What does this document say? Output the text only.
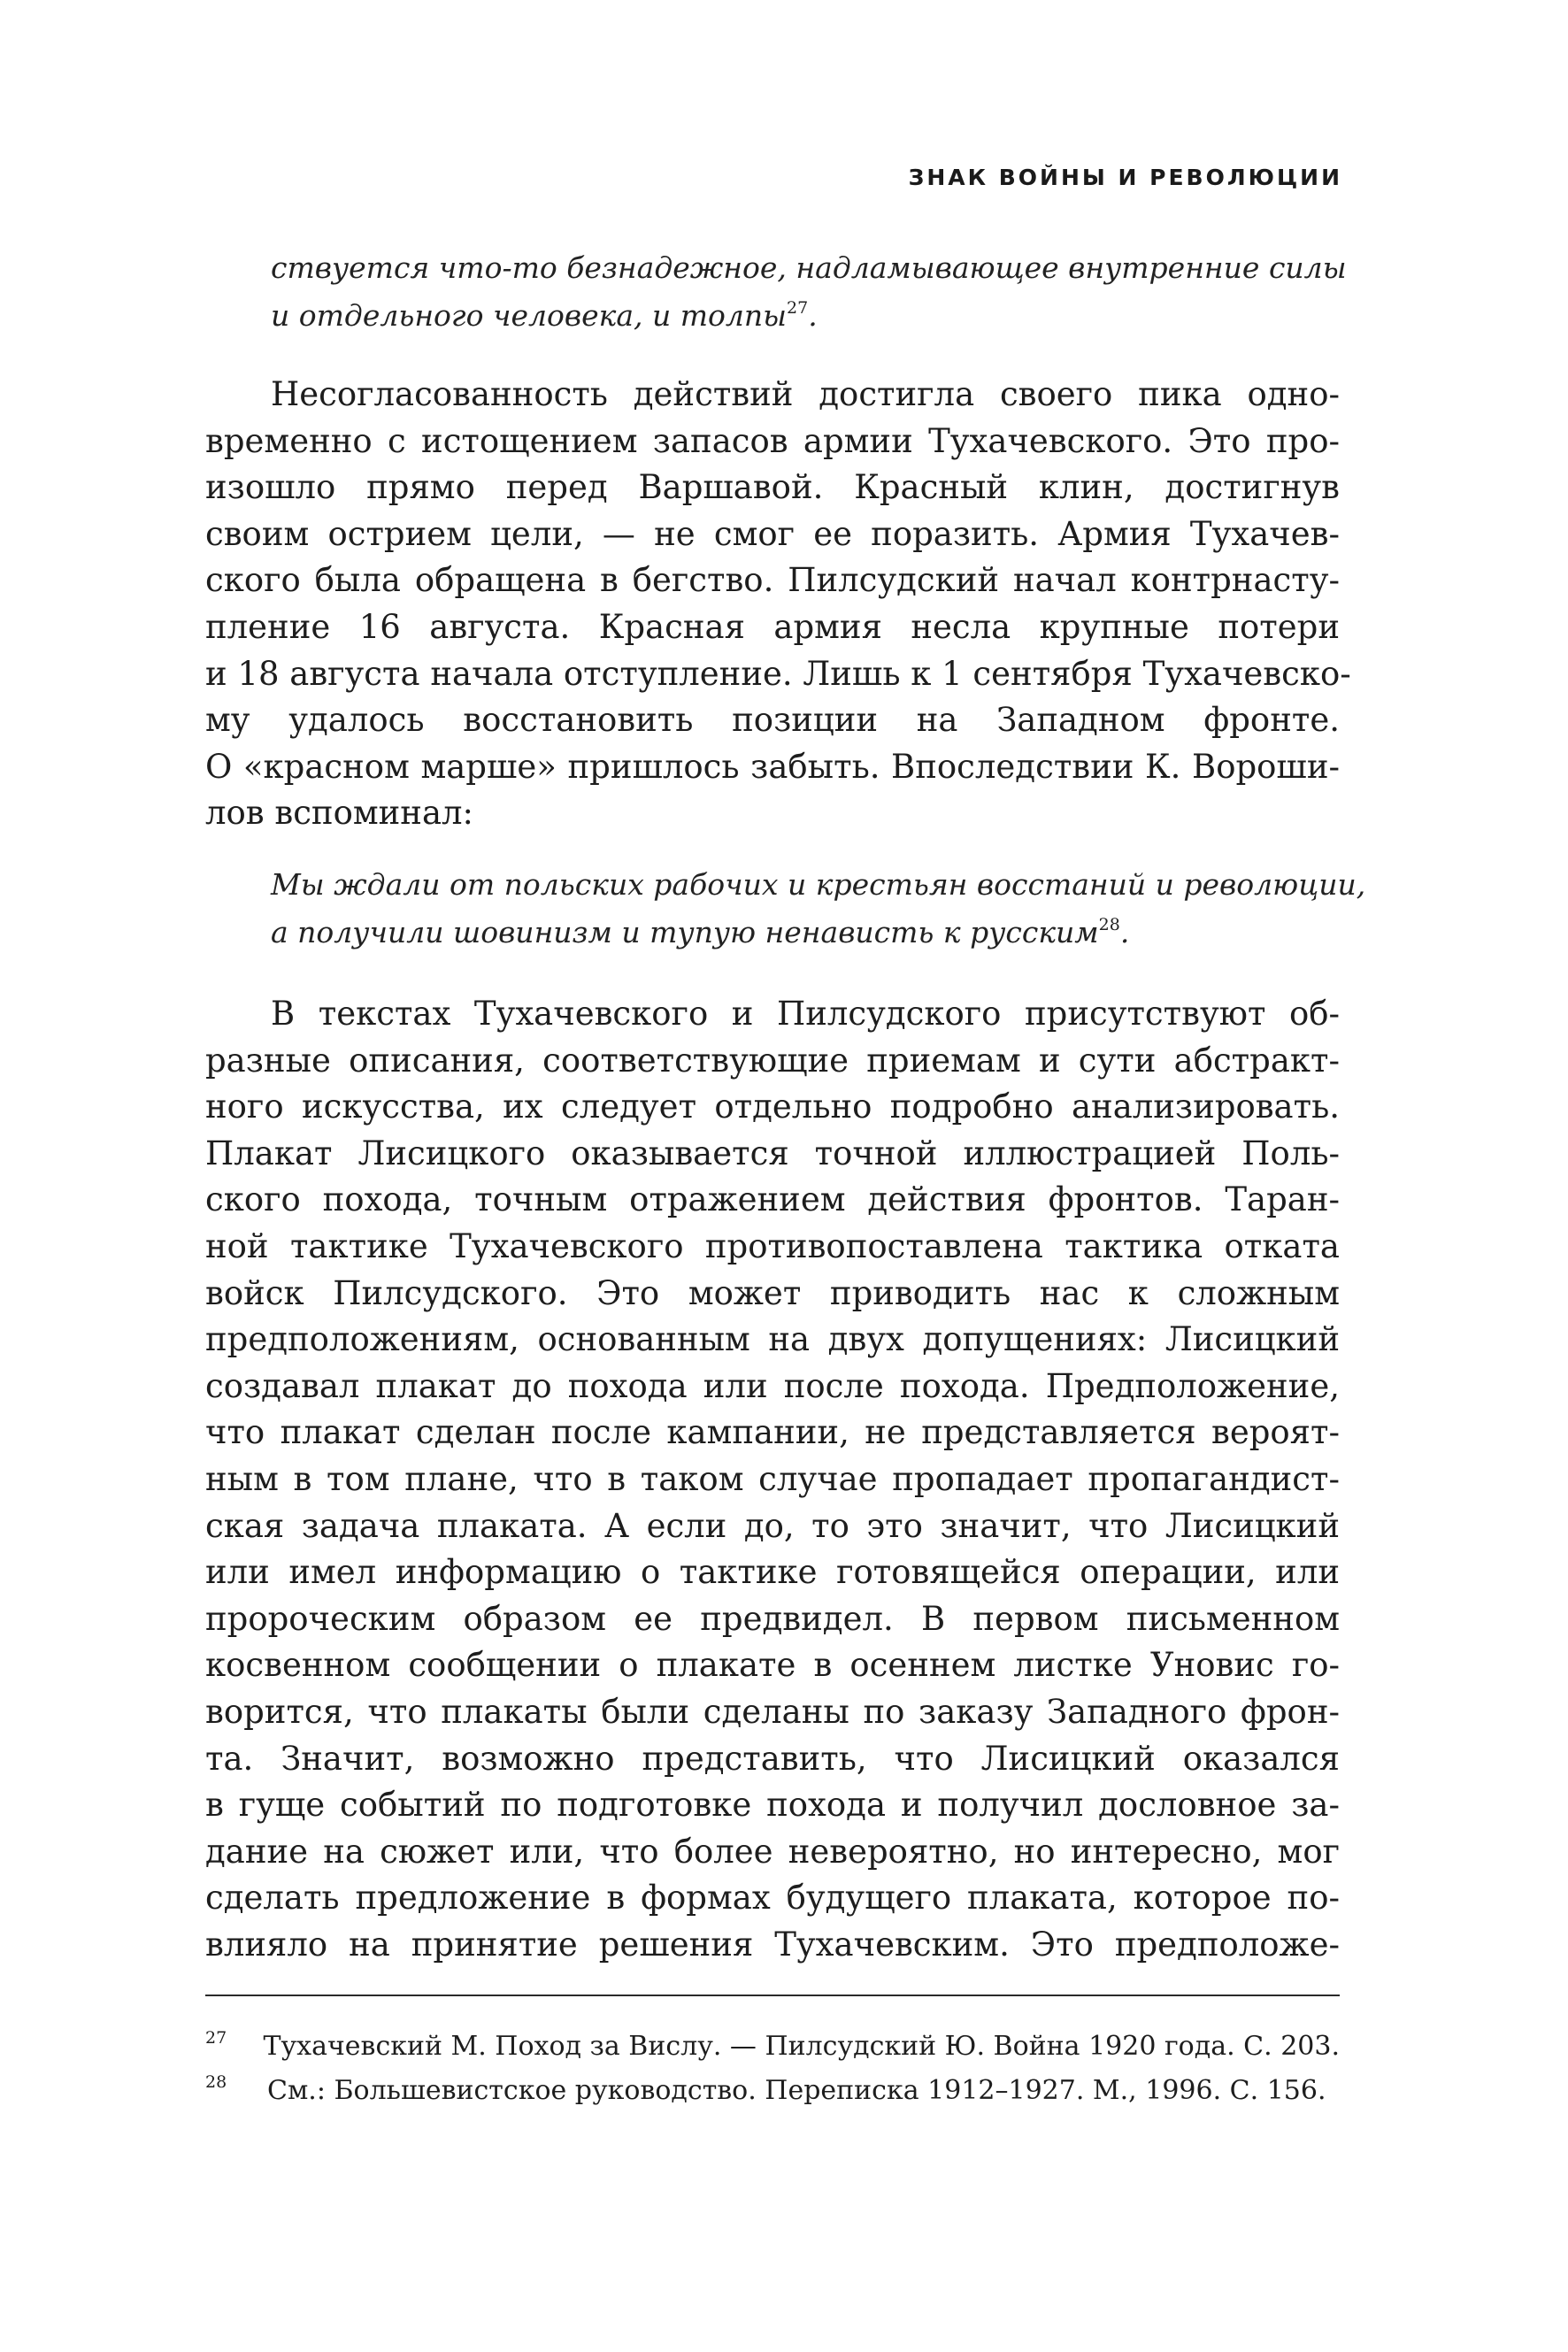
ЗНАК ВОЙНЫ И РЕВОЛЮЦИИ
ствуется что-то безнадежное, надламывающее внутренние силы
и отдельного человека, и толпы$^{27}$.
Несогласованность действий достигла своего пика одно-
временно с истощением запасов армии Тухачевского. Это про-
изошло прямо перед Варшавой. Красный клин, достигнув
своим острием цели, — не смог ее поразить. Армия Тухачев-
ского была обращена в бегство. Пилсудский начал контрнасту-
пление 16 августа. Красная армия несла крупные потери
и 18 августа начала отступление. Лишь к 1 сентября Тухачевско-
му удалось восстановить позиции на Западном фронте.
О «красном марше» пришлось забыть. Впоследствии К. Вороши-
лов вспоминал:
Мы ждали от польских рабочих и крестьян восстаний и революции,
а получили шовинизм и тупую ненависть к русским$^{28}$.
В текстах Тухачевского и Пилсудского присутствуют об-
разные описания, соответствующие приемам и сути абстракт-
ного искусства, их следует отдельно подробно анализировать.
Плакат Лисицкого оказывается точной иллюстрацией Поль-
ского похода, точным отражением действия фронтов. Таран-
ной тактике Тухачевского противопоставлена тактика отката
войск Пилсудского. Это может приводить нас к сложным
предположениям, основанным на двух допущениях: Лисицкий
создавал плакат до похода или после похода. Предположение,
что плакат сделан после кампании, не представляется вероят-
ным в том плане, что в таком случае пропадает пропагандист-
ская задача плаката. А если до, то это значит, что Лисицкий
или имел информацию о тактике готовящейся операции, или
пророческим образом ее предвидел. В первом письменном
косвенном сообщении о плакате в осеннем листке Уновис го-
ворится, что плакаты были сделаны по заказу Западного фрон-
та. Значит, возможно представить, что Лисицкий оказался
в гуще событий по подготовке похода и получил дословное за-
дание на сюжет или, что более невероятно, но интересно, мог
сделать предложение в формах будущего плаката, которое по-
влияло на принятие решения Тухачевским. Это предположе-
27	Тухачевский М. Поход за Вислу. — Пилсудский Ю. Война 1920 года. С. 203.
28	См.: Большевистское руководство. Переписка 1912–1927. М., 1996. С. 156.
